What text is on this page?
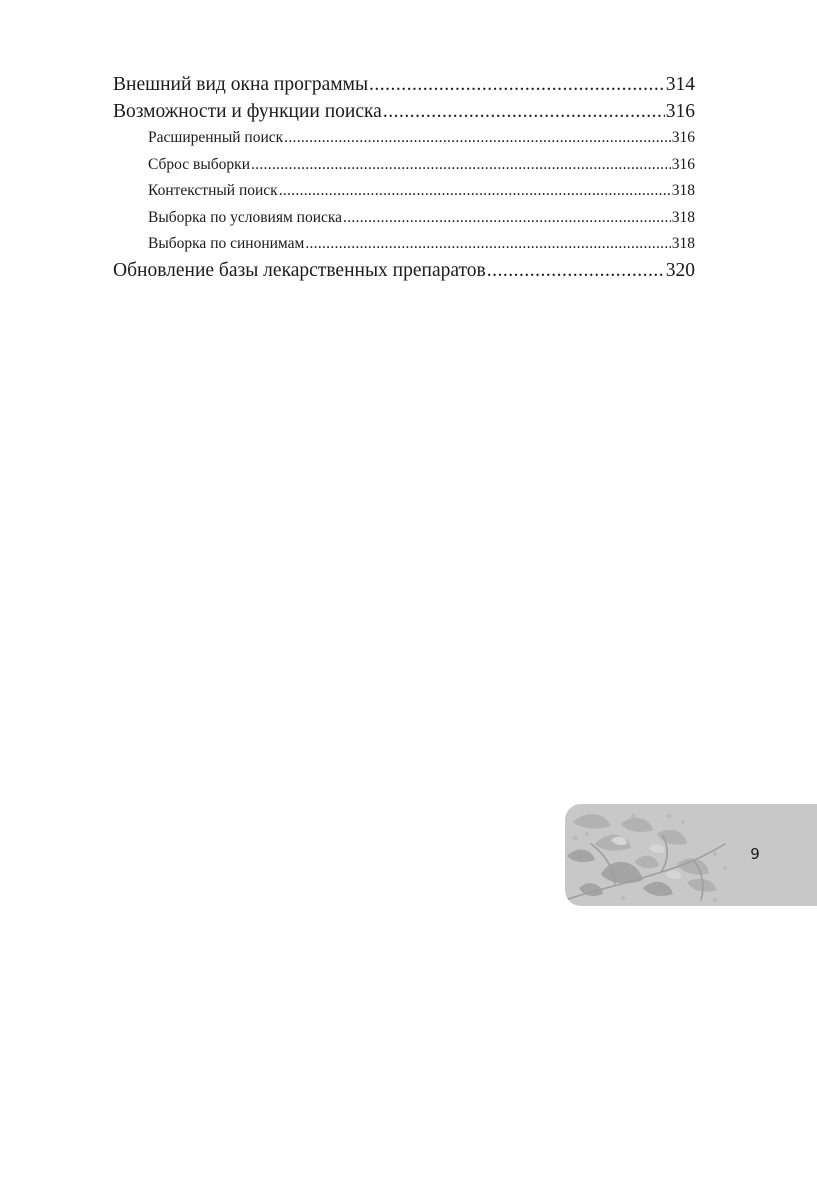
Внешний вид окна программы .....	314
Возможности и функции поиска .....	316
Расширенный поиск .....	316
Сброс выборки .....	316
Контекстный поиск .....	318
Выборка по условиям поиска .....	318
Выборка по синонимам .....	318
Обновление базы лекарственных препаратов .....	320
9
